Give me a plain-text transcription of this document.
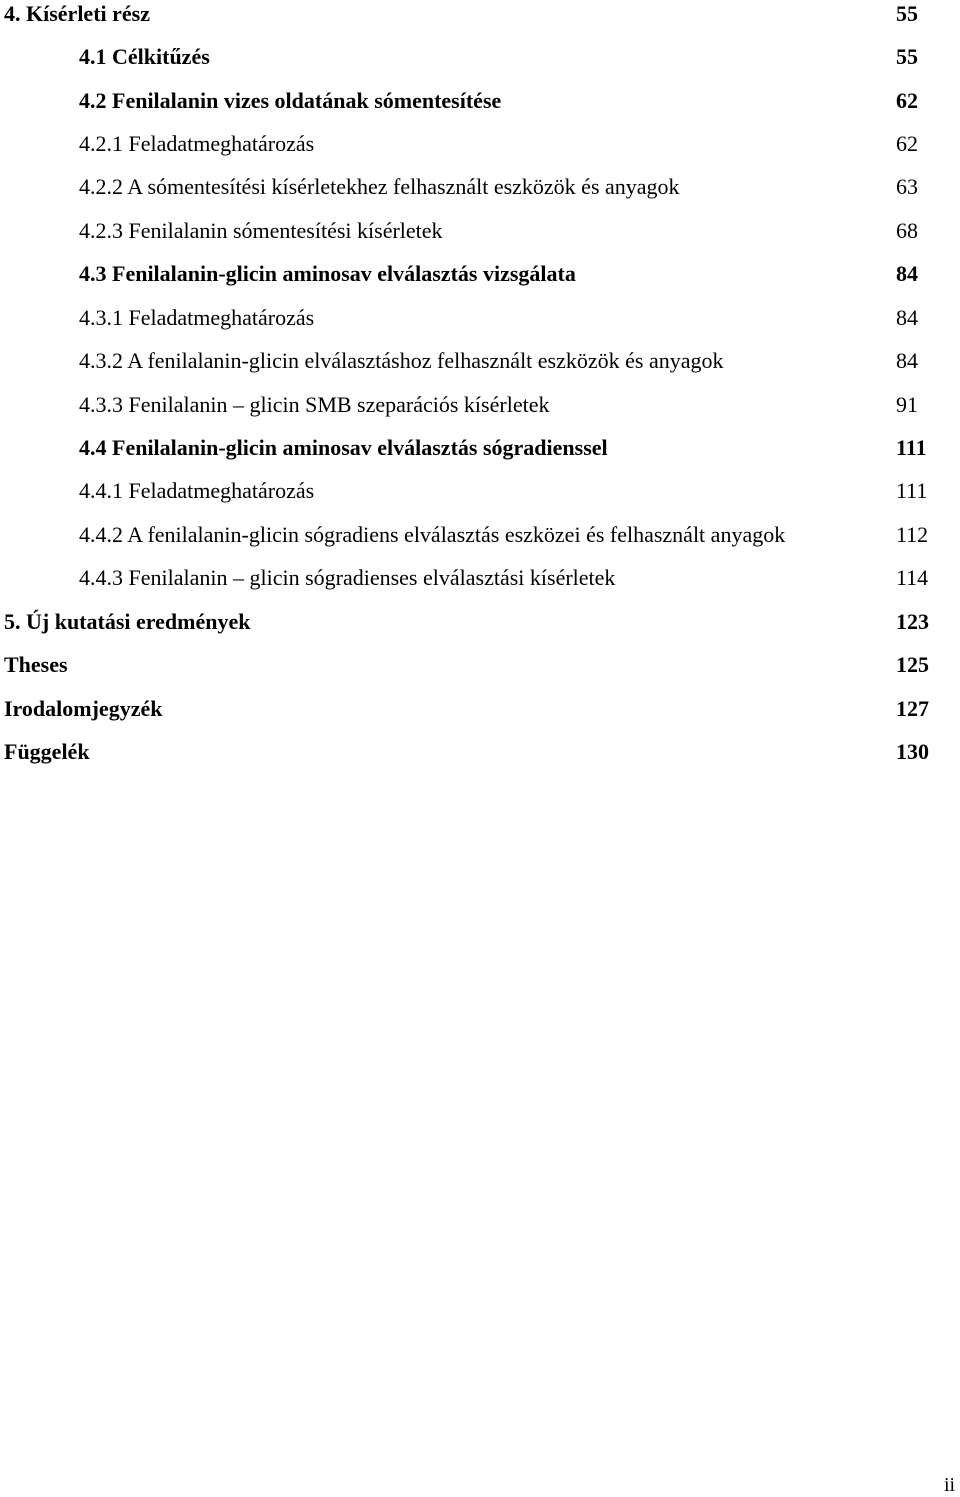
4. Kísérleti rész	55
4.1 Célkitűzés	55
4.2 Fenilalanin vizes oldatának sómentesítése	62
4.2.1 Feladatmeghatározás	62
4.2.2 A sómentesítési kísérletekhez felhasznált eszközök és anyagok	63
4.2.3 Fenilalanin sómentesítési kísérletek	68
4.3 Fenilalanin-glicin aminosav elválasztás vizsgálata	84
4.3.1 Feladatmeghatározás	84
4.3.2 A fenilalanin-glicin elválasztáshoz felhasznált eszközök és anyagok	84
4.3.3 Fenilalanin – glicin SMB szeparációs kísérletek	91
4.4 Fenilalanin-glicin aminosav elválasztás sógradienssel	111
4.4.1 Feladatmeghatározás	111
4.4.2 A fenilalanin-glicin sógradiens elválasztás eszközei és felhasznált anyagok	112
4.4.3 Fenilalanin – glicin sógradienses elválasztási kísérletek	114
5. Új kutatási eredmények	123
Theses	125
Irodalomjegyzék	127
Függelék	130
ii
